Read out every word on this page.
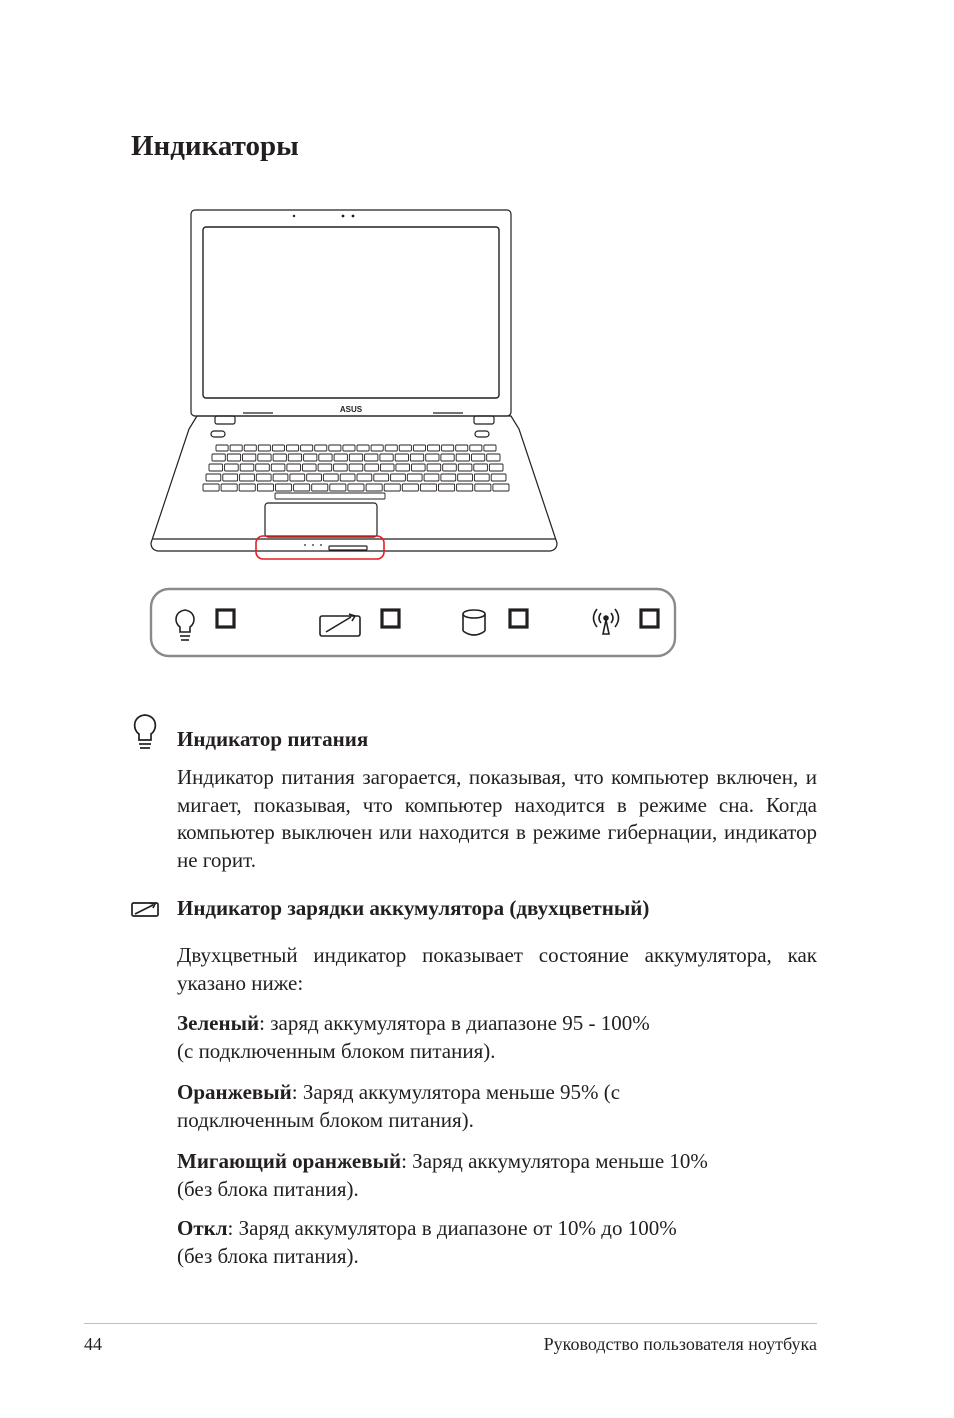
Индикаторы
ASUS
Индикатор питания

Индикатор питания загорается, показывая, что компьютер включен, и мигает, показывая, что компьютер находится в режиме сна. Когда компьютер выключен или находится в режиме гибернации, индикатор не горит.

Индикатор зарядки аккумулятора (двухцветный)

Двухцветный индикатор показывает состояние аккумулятора, как указано ниже:

Зеленый: заряд аккумулятора в диапазоне 95 - 100%
(с подключенным блоком питания).

Оранжевый: Заряд аккумулятора меньше 95% (с
подключенным блоком питания).

Мигающий оранжевый: Заряд аккумулятора меньше 10%
(без блока питания).

Откл: Заряд аккумулятора в диапазоне от 10% до 100%
(без блока питания).

44	Руководство пользователя ноутбука
